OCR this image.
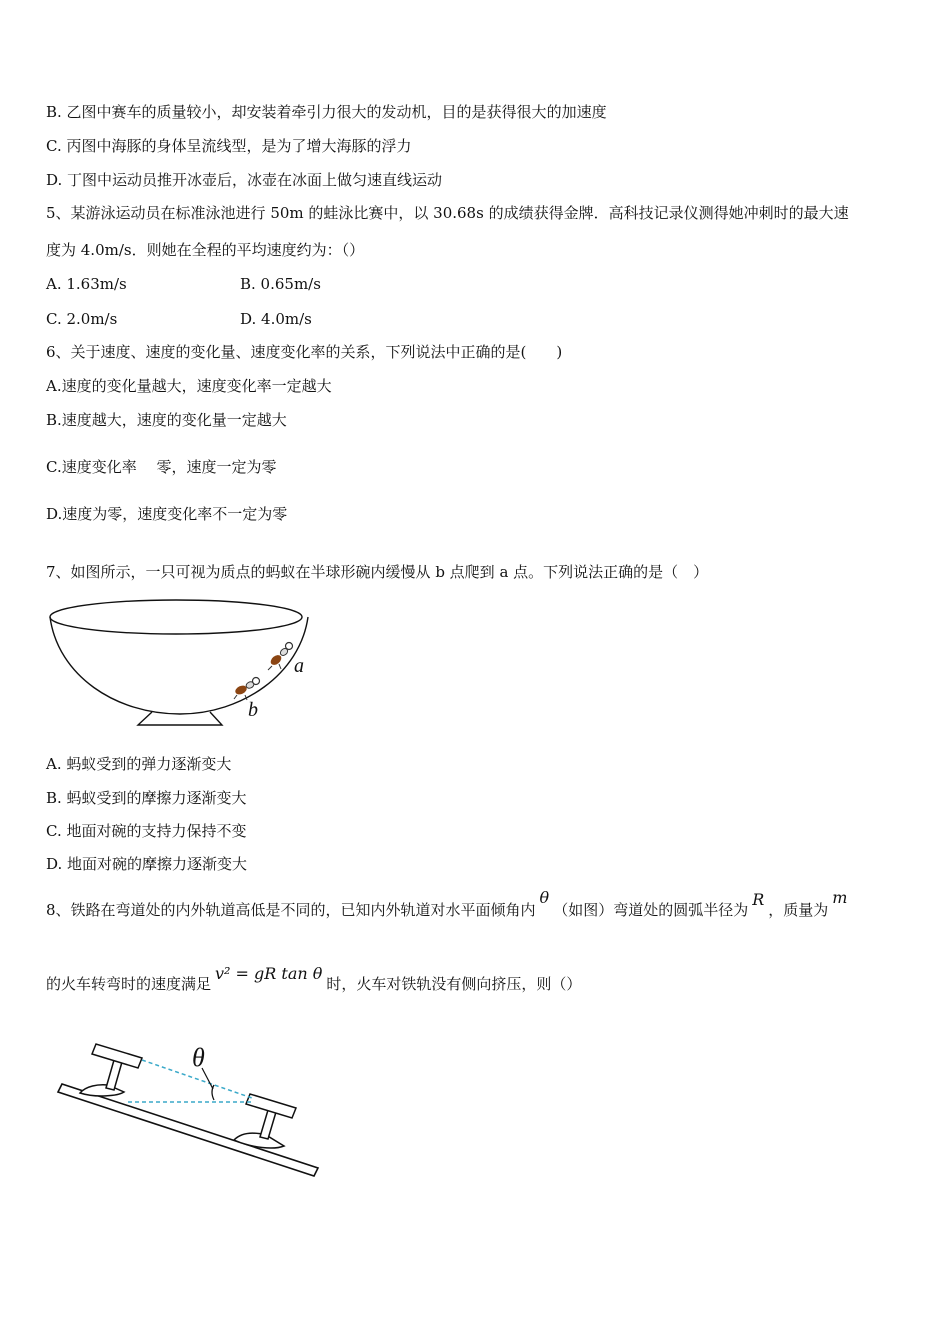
B. 乙图中赛车的质量较小，却安装着牵引力很大的发动机，目的是获得很大的加速度
C. 丙图中海豚的身体呈流线型，是为了增大海豚的浮力
D. 丁图中运动员推开冰壶后，冰壶在冰面上做匀速直线运动
5、某游泳运动员在标准泳池进行 50m 的蛙泳比赛中，以 30.68s 的成绩获得金牌．高科技记录仪测得她冲刺时的最大速
度为 4.0m/s．则她在全程的平均速度约为：（）
A. 1.63m/s	B. 0.65m/s
C. 2.0m/s	D. 4.0m/s
6、关于速度、速度的变化量、速度变化率的关系，下列说法中正确的是(　　)
A.速度的变化量越大，速度变化率一定越大
B.速度越大，速度的变化量一定越大
C.速度变化率　 零，速度一定为零
D.速度为零，速度变化率不一定为零
7、如图所示，一只可视为质点的蚂蚁在半球形碗内缓慢从 b 点爬到 a 点。下列说法正确的是（　）
a
b
A. 蚂蚁受到的弹力逐渐变大
B. 蚂蚁受到的摩擦力逐渐变大
C. 地面对碗的支持力保持不变
D. 地面对碗的摩擦力逐渐变大
8、铁路在弯道处的内外轨道高低是不同的，已知内外轨道对水平面倾角内θ（如图）弯道处的圆弧半径为R，质量为m
的火车转弯时的速度满足v² = gR tan θ时，火车对铁轨没有侧向挤压，则（）
θ
